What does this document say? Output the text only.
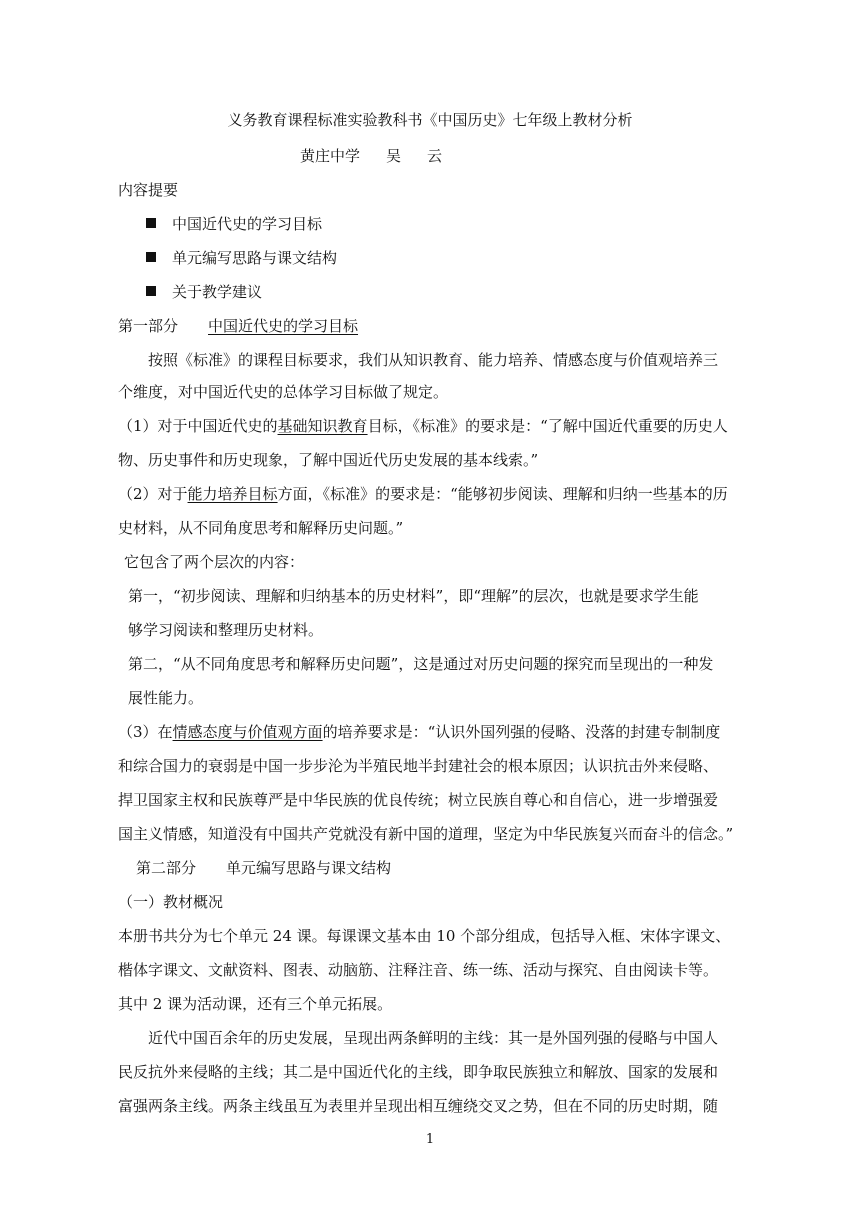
义务教育课程标准实验教科书《中国历史》七年级上教材分析
黄庄中学 吴 云
内容提要
中国近代史的学习目标
单元编写思路与课文结构
关于教学建议
第一部分 中国近代史的学习目标
按照《标准》的课程目标要求，我们从知识教育、能力培养、情感态度与价值观培养三
个维度，对中国近代史的总体学习目标做了规定。
（1）对于中国近代史的基础知识教育目标，《标准》的要求是：“了解中国近代重要的历史人
物、历史事件和历史现象，了解中国近代历史发展的基本线索。”
（2）对于能力培养目标方面，《标准》的要求是：“能够初步阅读、理解和归纳一些基本的历
史材料，从不同角度思考和解释历史问题。”
它包含了两个层次的内容：
第一，“初步阅读、理解和归纳基本的历史材料”，即“理解”的层次，也就是要求学生能
够学习阅读和整理历史材料。
第二，“从不同角度思考和解释历史问题”，这是通过对历史问题的探究而呈现出的一种发
展性能力。
（3）在情感态度与价值观方面的培养要求是：“认识外国列强的侵略、没落的封建专制制度
和综合国力的衰弱是中国一步步沦为半殖民地半封建社会的根本原因；认识抗击外来侵略、
捍卫国家主权和民族尊严是中华民族的优良传统；树立民族自尊心和自信心，进一步增强爱
国主义情感，知道没有中国共产党就没有新中国的道理，坚定为中华民族复兴而奋斗的信念。”
第二部分 单元编写思路与课文结构
（一）教材概况
本册书共分为七个单元 24 课。每课课文基本由 10 个部分组成，包括导入框、宋体字课文、
楷体字课文、文献资料、图表、动脑筋、注释注音、练一练、活动与探究、自由阅读卡等。
其中 2 课为活动课，还有三个单元拓展。
近代中国百余年的历史发展，呈现出两条鲜明的主线：其一是外国列强的侵略与中国人
民反抗外来侵略的主线；其二是中国近代化的主线，即争取民族独立和解放、国家的发展和
富强两条主线。两条主线虽互为表里并呈现出相互缠绕交叉之势，但在不同的历史时期，随
1
